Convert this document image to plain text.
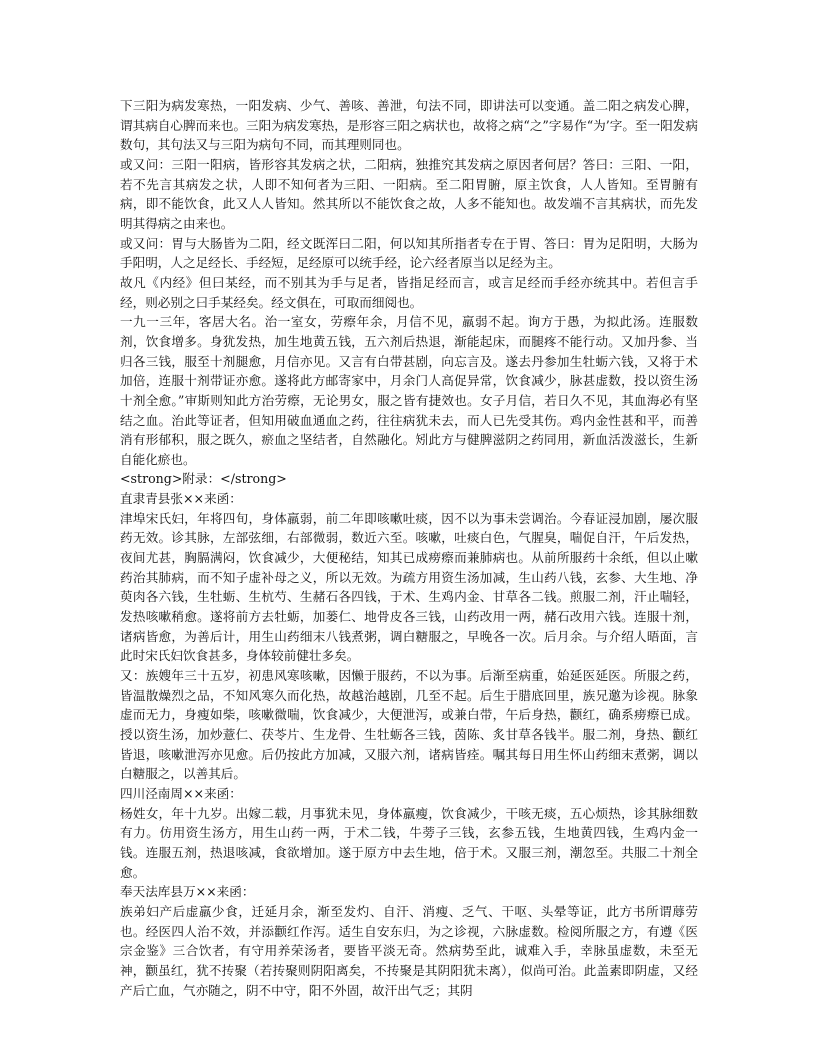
下三阳为病发寒热，一阳发病、少气、善咳、善泄，句法不同，即讲法可以变通。盖二阳之病发心脾，谓其病自心脾而来也。三阳为病发寒热，是形容三阳之病状也，故将之病“之”字易作“为’字。至一阳发病数句，其句法又与三阳为病句不同，而其理则同也。

或又问：三阳一阳病，皆形容其发病之状，二阳病，独推究其发病之原因者何居？答曰：三阳、一阳，若不先言其病发之状，人即不知何者为三阳、一阳病。至二阳胃腑，原主饮食，人人皆知。至胃腑有病，即不能饮食，此又人人皆知。然其所以不能饮食之故，人多不能知也。故发端不言其病状，而先发明其得病之由来也。

或又问：胃与大肠皆为二阳，经文既浑曰二阳，何以知其所指者专在于胃、答曰：胃为足阳明，大肠为手阳明，人之足经长、手经短，足经原可以统手经，论六经者原当以足经为主。

故凡《内经》但曰某经，而不别其为手与足者，皆指足经而言，或言足经而手经亦统其中。若但言手经，则必别之曰手某经矣。经文俱在，可取而细阅也。

一九一三年，客居大名。治一室女，劳瘵年余，月信不见，羸弱不起。询方于愚，为拟此汤。连服数剂，饮食增多。身犹发热，加生地黄五钱，五六剂后热退，渐能起床，而腿疼不能行动。又加丹参、当归各三钱，服至十剂腿愈，月信亦见。又言有白带甚剧，向忘言及。遂去丹参加生牡蛎六钱，又将于术加倍，连服十剂带证亦愈。遂将此方邮寄家中，月余门人高促异常，饮食减少，脉甚虚数，投以资生汤十剂全愈。”审斯则知此方治劳瘵，无论男女，服之皆有捷效也。女子月信，若日久不见，其血海必有坚结之血。治此等证者，但知用破血通血之药，往往病犹未去，而人已先受其伤。鸡内金性甚和平，而善消有形郁积，服之既久，瘀血之坚结者，自然融化。矧此方与健脾滋阴之药同用，新血活泼滋长，生新自能化瘀也。

<strong>附录：</strong>

直隶青县张××来函：

津埠宋氏妇，年将四旬，身体羸弱，前二年即咳嗽吐痰，因不以为事未尝调治。今春证浸加剧，屡次服药无效。诊其脉，左部弦细，右部微弱，数近六至。咳嗽，吐痰白色，气腥臭，喘促自汗，午后发热，夜间尤甚，胸膈满闷，饮食减少，大便秘结，知其已成痨瘵而兼肺病也。从前所服药十余纸，但以止嗽药治其肺病，而不知子虚补母之义，所以无效。为疏方用资生汤加减，生山药八钱，玄参、大生地、净萸肉各六钱，生牡蛎、生杭芍、生赭石各四钱，于术、生鸡内金、甘草各二钱。煎服二剂，汗止喘轻，发热咳嗽稍愈。遂将前方去牡蛎，加蒌仁、地骨皮各三钱，山药改用一两，赭石改用六钱。连服十剂，诸病皆愈，为善后计，用生山药细末八钱煮粥，调白糖服之，早晚各一次。后月余。与介绍人晤面，言此时宋氏妇饮食甚多，身体较前健壮多矣。

又：族嫂年三十五岁，初患风寒咳嗽，因懒于服药，不以为事。后渐至病重，始延医延医。所服之药，皆温散燥烈之品，不知风寒久而化热，故越治越剧，几至不起。后生于腊底回里，族兄邀为诊视。脉象虚而无力，身瘦如柴，咳嗽微喘，饮食减少，大便泄泻，或兼白带，午后身热，颧红，确系痨瘵已成。授以资生汤，加炒薏仁、茯苓片、生龙骨、生牡蛎各三钱，茵陈、炙甘草各钱半。服二剂，身热、颧红皆退，咳嗽泄泻亦见愈。后仍按此方加减，又服六剂，诸病皆痊。嘱其每日用生怀山药细末煮粥，调以白糖服之，以善其后。

四川泾南周××来函：

杨姓女，年十九岁。出嫁二载，月事犹未见，身体羸瘦，饮食减少，干咳无痰，五心烦热，诊其脉细数有力。仿用资生汤方，用生山药一两，于术二钱，牛蒡子三钱，玄参五钱，生地黄四钱，生鸡内金一钱。连服五剂，热退咳减，食欲增加。遂于原方中去生地，倍于术。又服三剂，潮忽至。共服二十剂全愈。

奉天法库县万××来函：

族弟妇产后虚羸少食，迁延月余，渐至发灼、自汗、消瘦、乏气、干呕、头晕等证，此方书所谓蓐劳也。经医四人治不效，并添颧红作泻。适生自安东归，为之诊视，六脉虚数。检阅所服之方，有遵《医宗金鉴》三合饮者，有守用养荣汤者，要皆平淡无奇。然病势至此，诚难入手，幸脉虽虚数，未至无神，颧虽红，犹不抟聚（若抟聚则阴阳离矣，不抟聚是其阴阳犹未离），似尚可治。此盖素即阴虚，又经产后亡血，气亦随之，阴不中守，阳不外固，故汗出气乏；其阴
